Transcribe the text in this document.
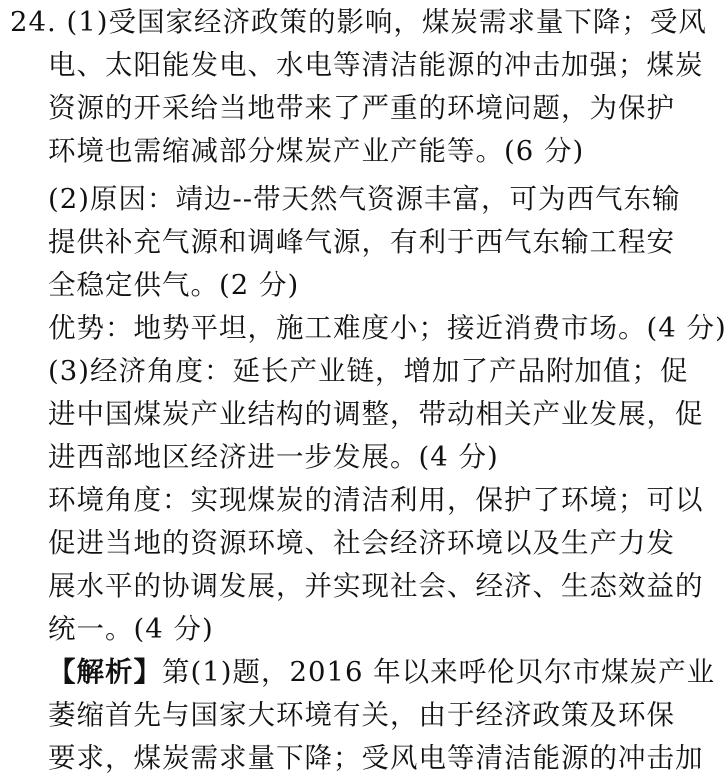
24. (1)受国家经济政策的影响，煤炭需求量下降；受风
电、太阳能发电、水电等清洁能源的冲击加强；煤炭
资源的开采给当地带来了严重的环境问题，为保护
环境也需缩减部分煤炭产业产能等。(6 分)
(2)原因：靖边--带天然气资源丰富，可为西气东输
提供补充气源和调峰气源，有利于西气东输工程安
全稳定供气。(2 分)
优势：地势平坦，施工难度小；接近消费市场。(4 分)
(3)经济角度：延长产业链，增加了产品附加值；促
进中国煤炭产业结构的调整，带动相关产业发展，促
进西部地区经济进一步发展。(4 分)
环境角度：实现煤炭的清洁利用，保护了环境；可以
促进当地的资源环境、社会经济环境以及生产力发
展水平的协调发展，并实现社会、经济、生态效益的
统一。(4 分)
【解析】第(1)题，2016 年以来呼伦贝尔市煤炭产业
萎缩首先与国家大环境有关，由于经济政策及环保
要求，煤炭需求量下降；受风电等清洁能源的冲击加
